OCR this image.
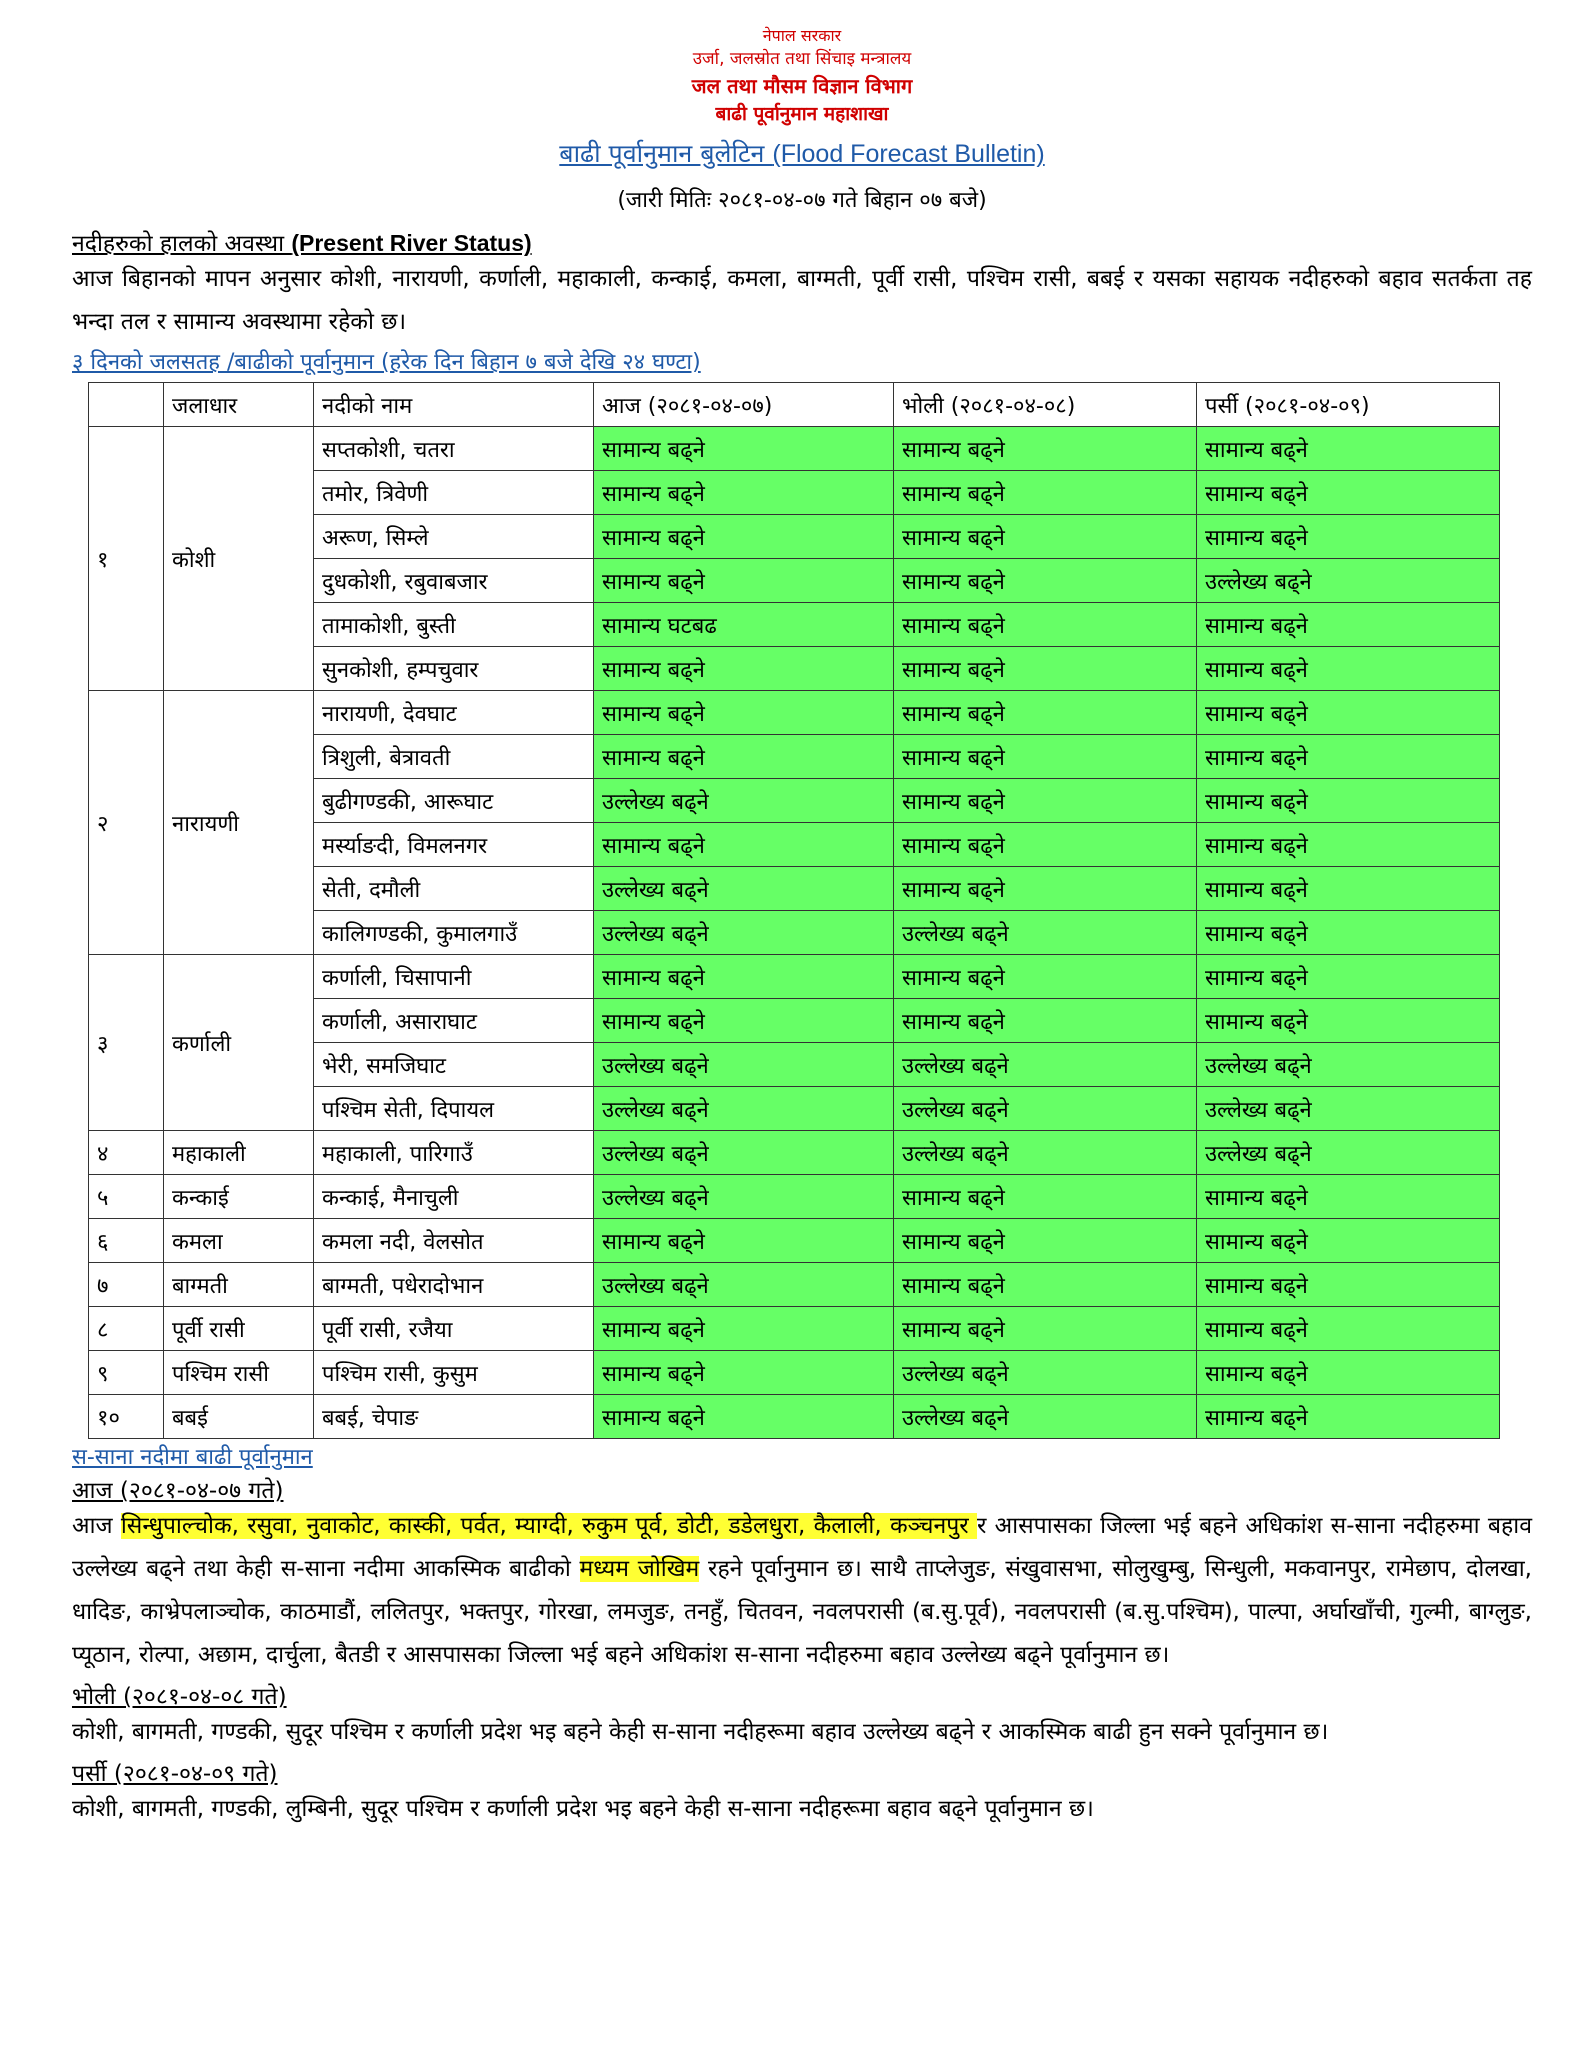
नेपाल सरकार
उर्जा, जलस्रोत तथा सिंचाइ मन्त्रालय
जल तथा मौसम विज्ञान विभाग
बाढी पूर्वानुमान महाशाखा
बाढी पूर्वानुमान बुलेटिन (Flood Forecast Bulletin)
(जारी मितिः २०८१-०४-०७ गते बिहान ०७ बजे)
नदीहरुको हालको अवस्था (Present River Status)
आज बिहानको मापन अनुसार कोशी, नारायणी, कर्णाली, महाकाली, कन्काई, कमला, बाग्मती, पूर्वी रासी, पश्चिम रासी, बबई र यसका सहायक नदीहरुको बहाव सतर्कता तह भन्दा तल र सामान्य अवस्थामा रहेको छ।
३ दिनको जलसतह /बाढीको पूर्वानुमान (हरेक दिन बिहान ७ बजे देखि २४ घण्टा)
	जलाधार	नदीको नाम	आज (२०८१-०४-०७)	भोली (२०८१-०४-०८)	पर्सी (२०८१-०४-०९)
१	कोशी	सप्तकोशी, चतरा	सामान्य बढ्ने	सामान्य बढ्ने	सामान्य बढ्ने
		तमोर, त्रिवेणी	सामान्य बढ्ने	सामान्य बढ्ने	सामान्य बढ्ने
		अरूण, सिम्ले	सामान्य बढ्ने	सामान्य बढ्ने	सामान्य बढ्ने
		दुधकोशी, रबुवाबजार	सामान्य बढ्ने	सामान्य बढ्ने	उल्लेख्य बढ्ने
		तामाकोशी, बुस्ती	सामान्य घटबढ	सामान्य बढ्ने	सामान्य बढ्ने
		सुनकोशी, हम्पचुवार	सामान्य बढ्ने	सामान्य बढ्ने	सामान्य बढ्ने
२	नारायणी	नारायणी, देवघाट	सामान्य बढ्ने	सामान्य बढ्ने	सामान्य बढ्ने
		त्रिशुली, बेत्रावती	सामान्य बढ्ने	सामान्य बढ्ने	सामान्य बढ्ने
		बुढीगण्डकी, आरूघाट	उल्लेख्य बढ्ने	सामान्य बढ्ने	सामान्य बढ्ने
		मर्स्याङदी, विमलनगर	सामान्य बढ्ने	सामान्य बढ्ने	सामान्य बढ्ने
		सेती, दमौली	उल्लेख्य बढ्ने	सामान्य बढ्ने	सामान्य बढ्ने
		कालिगण्डकी, कुमालगाउँ	उल्लेख्य बढ्ने	उल्लेख्य बढ्ने	सामान्य बढ्ने
३	कर्णाली	कर्णाली, चिसापानी	सामान्य बढ्ने	सामान्य बढ्ने	सामान्य बढ्ने
		कर्णाली, असाराघाट	सामान्य बढ्ने	सामान्य बढ्ने	सामान्य बढ्ने
		भेरी, समजिघाट	उल्लेख्य बढ्ने	उल्लेख्य बढ्ने	उल्लेख्य बढ्ने
		पश्चिम सेती, दिपायल	उल्लेख्य बढ्ने	उल्लेख्य बढ्ने	उल्लेख्य बढ्ने
४	महाकाली	महाकाली, पारिगाउँ	उल्लेख्य बढ्ने	उल्लेख्य बढ्ने	उल्लेख्य बढ्ने
५	कन्काई	कन्काई, मैनाचुली	उल्लेख्य बढ्ने	सामान्य बढ्ने	सामान्य बढ्ने
६	कमला	कमला नदी, वेलसोत	सामान्य बढ्ने	सामान्य बढ्ने	सामान्य बढ्ने
७	बाग्मती	बाग्मती, पधेरादोभान	उल्लेख्य बढ्ने	सामान्य बढ्ने	सामान्य बढ्ने
८	पूर्वी रासी	पूर्वी रासी, रजैया	सामान्य बढ्ने	सामान्य बढ्ने	सामान्य बढ्ने
९	पश्चिम रासी	पश्चिम रासी, कुसुम	सामान्य बढ्ने	उल्लेख्य बढ्ने	सामान्य बढ्ने
१०	बबई	बबई, चेपाङ	सामान्य बढ्ने	उल्लेख्य बढ्ने	सामान्य बढ्ने
स-साना नदीमा बाढी पूर्वानुमान
आज (२०८१-०४-०७ गते)
आज सिन्धुपाल्चोक, रसुवा, नुवाकोट, कास्की, पर्वत, म्याग्दी, रुकुम पूर्व, डोटी, डडेलधुरा, कैलाली, कञ्चनपुर र आसपासका जिल्ला भई बहने अधिकांश स-साना नदीहरुमा बहाव उल्लेख्य बढ्ने तथा केही स-साना नदीमा आकस्मिक बाढीको मध्यम जोखिम रहने पूर्वानुमान छ। साथै ताप्लेजुङ, संखुवासभा, सोलुखुम्बु, सिन्धुली, मकवानपुर, रामेछाप, दोलखा, धादिङ, काभ्रेपलाञ्चोक, काठमाडौं, ललितपुर, भक्तपुर, गोरखा, लमजुङ, तनहुँ, चितवन, नवलपरासी (ब.सु.पूर्व), नवलपरासी (ब.सु.पश्चिम), पाल्पा, अर्घाखाँची, गुल्मी, बाग्लुङ, प्यूठान, रोल्पा, अछाम, दार्चुला, बैतडी र आसपासका जिल्ला भई बहने अधिकांश स-साना नदीहरुमा बहाव उल्लेख्य बढ्ने पूर्वानुमान छ।
भोली (२०८१-०४-०८ गते)
कोशी, बागमती, गण्डकी, सुदूर पश्चिम र कर्णाली प्रदेश भइ बहने केही स-साना नदीहरूमा बहाव उल्लेख्य बढ्ने र आकस्मिक बाढी हुन सक्ने पूर्वानुमान छ।
पर्सी (२०८१-०४-०९ गते)
कोशी, बागमती, गण्डकी, लुम्बिनी, सुदूर पश्चिम र कर्णाली प्रदेश भइ बहने केही स-साना नदीहरूमा बहाव बढ्ने पूर्वानुमान छ।
